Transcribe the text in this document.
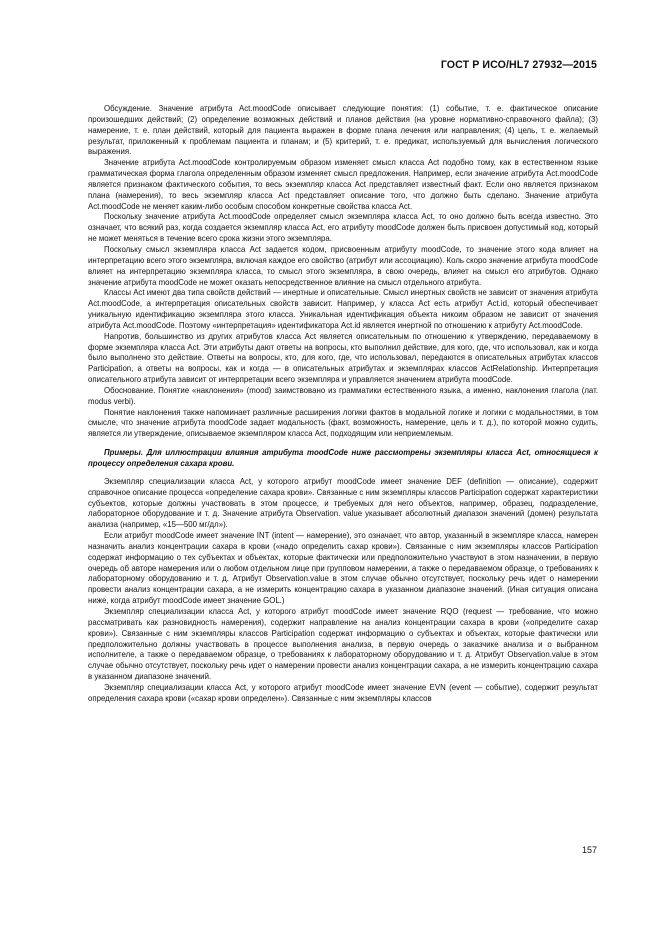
ГОСТ Р ИСО/HL7 27932—2015

Обсуждение. Значение атрибута Act.moodCode описывает следующие понятия: (1) событие, т. е. фактическое описание произошедших действий; (2) определение возможных действий и планов действия (на уровне нормативно-справочного файла); (3) намерение, т. е. план действий, который для пациента выражен в форме плана лечения или направления; (4) цель, т. е. желаемый результат, приложенный к проблемам пациента и планам; и (5) критерий, т. е. предикат, используемый для вычисления логического выражения.

Значение атрибута Act.moodCode контролируемым образом изменяет смысл класса Act подобно тому, как в естественном языке грамматическая форма глагола определенным образом изменяет смысл предложения. Например, если значение атрибута Act.moodCode является признаком фактического события, то весь экземпляр класса Act представляет известный факт. Если оно является признаком плана (намерения), то весь экземпляр класса Act представляет описание того, что должно быть сделано. Значение атрибута Act.moodCode не меняет каким-либо особым способом конкретные свойства класса Act.

Поскольку значение атрибута Act.moodCode определяет смысл экземпляра класса Act, то оно должно быть всегда известно. Это означает, что всякий раз, когда создается экземпляр класса Act, его атрибуту moodCode должен быть присвоен допустимый код, который не может меняться в течение всего срока жизни этого экземпляра.

Поскольку смысл экземпляра класса Act задается кодом, присвоенным атрибуту moodCode, то значение этого кода влияет на интерпретацию всего этого экземпляра, включая каждое его свойство (атрибут или ассоциацию). Коль скоро значение атрибута moodCode влияет на интерпретацию экземпляра класса, то смысл этого экземпляра, в свою очередь, влияет на смысл его атрибутов. Однако значение атрибута moodCode не может оказать непосредственное влияние на смысл отдельного атрибута.

Классы Act имеют два типа свойств действий — инертные и описательные. Смысл инертных свойств не зависит от значения атрибута Act.moodCode, а интерпретация описательных свойств зависит. Например, у класса Act есть атрибут Act.id, который обеспечивает уникальную идентификацию экземпляра этого класса. Уникальная идентификация объекта никоим образом не зависит от значения атрибута Act.moodCode. Поэтому «интерпретация» идентификатора Act.id является инертной по отношению к атрибуту Act.moodCode.

Напротив, большинство из других атрибутов класса Act является описательным по отношению к утверждению, передаваемому в форме экземпляра класса Act. Эти атрибуты дают ответы на вопросы, кто выполнил действие, для кого, где, что использовал, как и когда было выполнено это действие. Ответы на вопросы, кто, для кого, где, что использовал, передаются в описательных атрибутах классов Participation, а ответы на вопросы, как и когда — в описательных атрибутах и экземплярах классов ActRelationship. Интерпретация описательного атрибута зависит от интерпретации всего экземпляра и управляется значением атрибута moodCode.

Обоснование. Понятие «наклонения» (mood) заимствовано из грамматики естественного языка, а именно, наклонения глагола (лат. modus verbi).

Понятие наклонения также напоминает различные расширения логики фактов в модальной логике и логики с модальностями, в том смысле, что значение атрибута moodCode задает модальность (факт, возможность, намерение, цель и т. д.), по которой можно судить, является ли утверждение, описываемое экземпляром класса Act, подходящим или неприемлемым.

Примеры. Для иллюстрации влияния атрибута moodCode ниже рассмотрены экземпляры класса Act, относящиеся к процессу определения сахара крови.

Экземпляр специализации класса Act, у которого атрибут moodCode имеет значение DEF (definition — описание), содержит справочное описание процесса «определение сахара крови». Связанные с ним экземпляры классов Participation содержат характеристики субъектов, которые должны участвовать в этом процессе, и требуемых для него объектов, например, образец, подразделение, лабораторное оборудование и т. д. Значение атрибута Observation. value указывает абсолютный диапазон значений (домен) результата анализа (например, «15—500 мг/дл»).

Если атрибут moodCode имеет значение INT (intent — намерение), это означает, что автор, указанный в экземпляре класса, намерен назначить анализ концентрации сахара в крови («надо определить сахар крови»). Связанные с ним экземпляры классов Participation содержат информацию о тех субъектах и объектах, которые фактически или предположительно участвуют в этом назначении, в первую очередь об авторе намерения или о любом отдельном лице при групповом намерении, а также о передаваемом образце, о требованиях к лабораторному оборудованию и т. д. Атрибут Observation.value в этом случае обычно отсутствует, поскольку речь идет о намерении провести анализ концентрации сахара, а не измерить концентрацию сахара в указанном диапазоне значений. (Иная ситуация описана ниже, когда атрибут moodCode имеет значение GOL.)

Экземпляр специализации класса Act, у которого атрибут moodCode имеет значение RQO (request — требование, что можно рассматривать как разновидность намерения), содержит направление на анализ концентрации сахара в крови («определите сахар крови»). Связанные с ним экземпляры классов Participation содержат информацию о субъектах и объектах, которые фактически или предположительно должны участвовать в процессе выполнения анализа, в первую очередь о заказчике анализа и о выбранном исполнителе, а также о передаваемом образце, о требованиях к лабораторному оборудованию и т. д. Атрибут Observation.value в этом случае обычно отсутствует, поскольку речь идет о намерении провести анализ концентрации сахара, а не измерить концентрацию сахара в указанном диапазоне значений.

Экземпляр специализации класса Act, у которого атрибут moodCode имеет значение EVN (event — событие), содержит результат определения сахара крови («сахар крови определен»). Связанные с ним экземпляры классов

157
